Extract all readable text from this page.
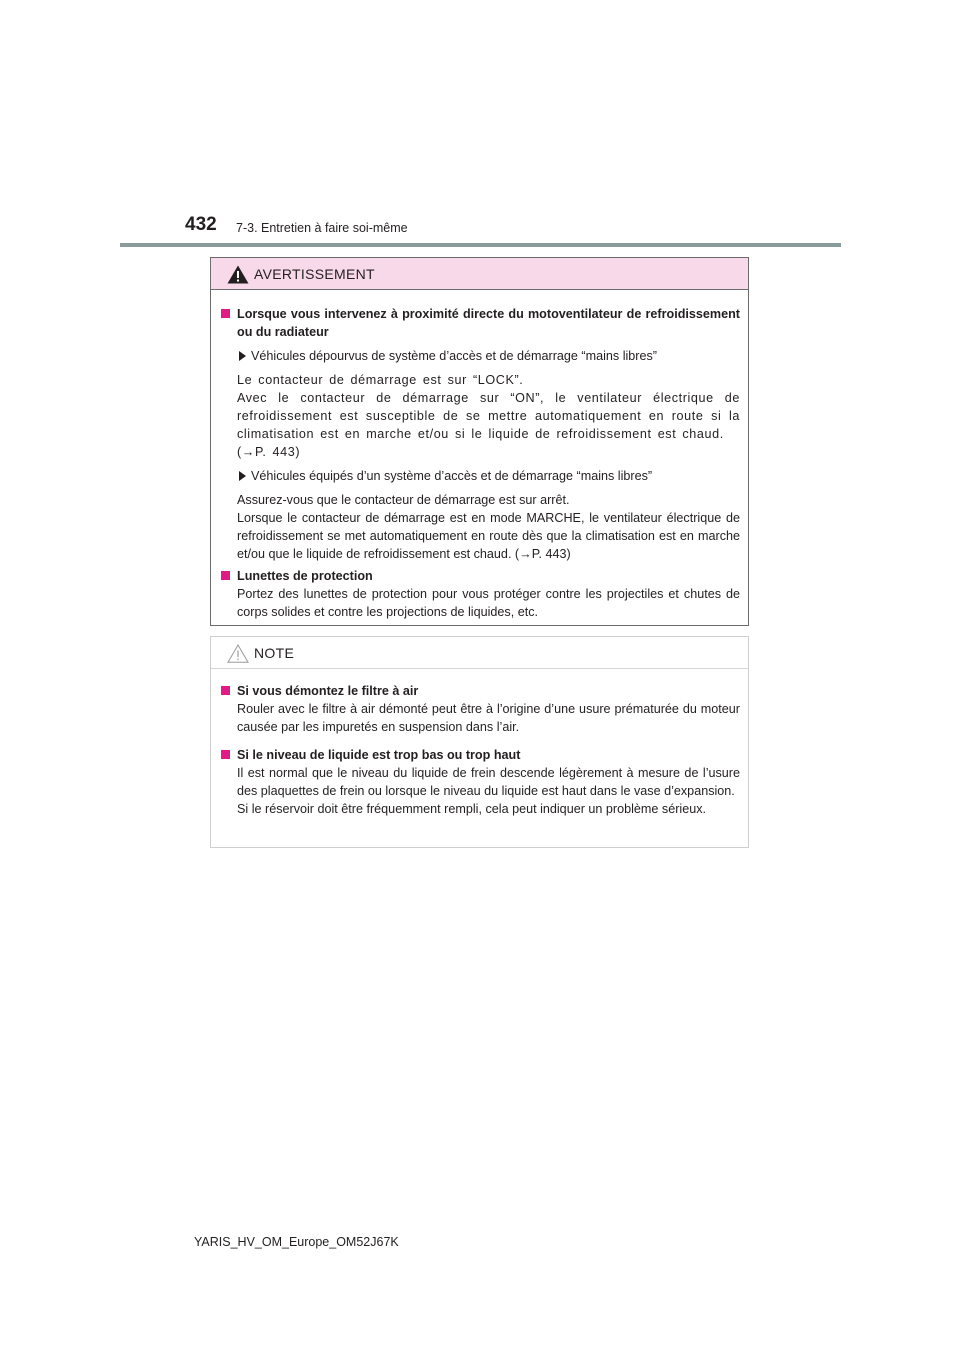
432 7-3. Entretien à faire soi-même
AVERTISSEMENT
Lorsque vous intervenez à proximité directe du motoventilateur de refroidissement ou du radiateur
Véhicules dépourvus de système d’accès et de démarrage “mains libres”
Le contacteur de démarrage est sur “LOCK”.
Avec le contacteur de démarrage sur “ON”, le ventilateur électrique de refroidissement est susceptible de se mettre automatiquement en route si la climatisation est en marche et/ou si le liquide de refroidissement est chaud.
(→P. 443)
Véhicules équipés d’un système d’accès et de démarrage “mains libres”
Assurez-vous que le contacteur de démarrage est sur arrêt.
Lorsque le contacteur de démarrage est en mode MARCHE, le ventilateur électrique de refroidissement se met automatiquement en route dès que la climatisation est en marche et/ou que le liquide de refroidissement est chaud. (→P. 443)
Lunettes de protection
Portez des lunettes de protection pour vous protéger contre les projectiles et chutes de corps solides et contre les projections de liquides, etc.
NOTE
Si vous démontez le filtre à air
Rouler avec le filtre à air démonté peut être à l’origine d’une usure prématurée du moteur causée par les impuretés en suspension dans l’air.
Si le niveau de liquide est trop bas ou trop haut
Il est normal que le niveau du liquide de frein descende légèrement à mesure de l’usure des plaquettes de frein ou lorsque le niveau du liquide est haut dans le vase d’expansion.
Si le réservoir doit être fréquemment rempli, cela peut indiquer un problème sérieux.
YARIS_HV_OM_Europe_OM52J67K
